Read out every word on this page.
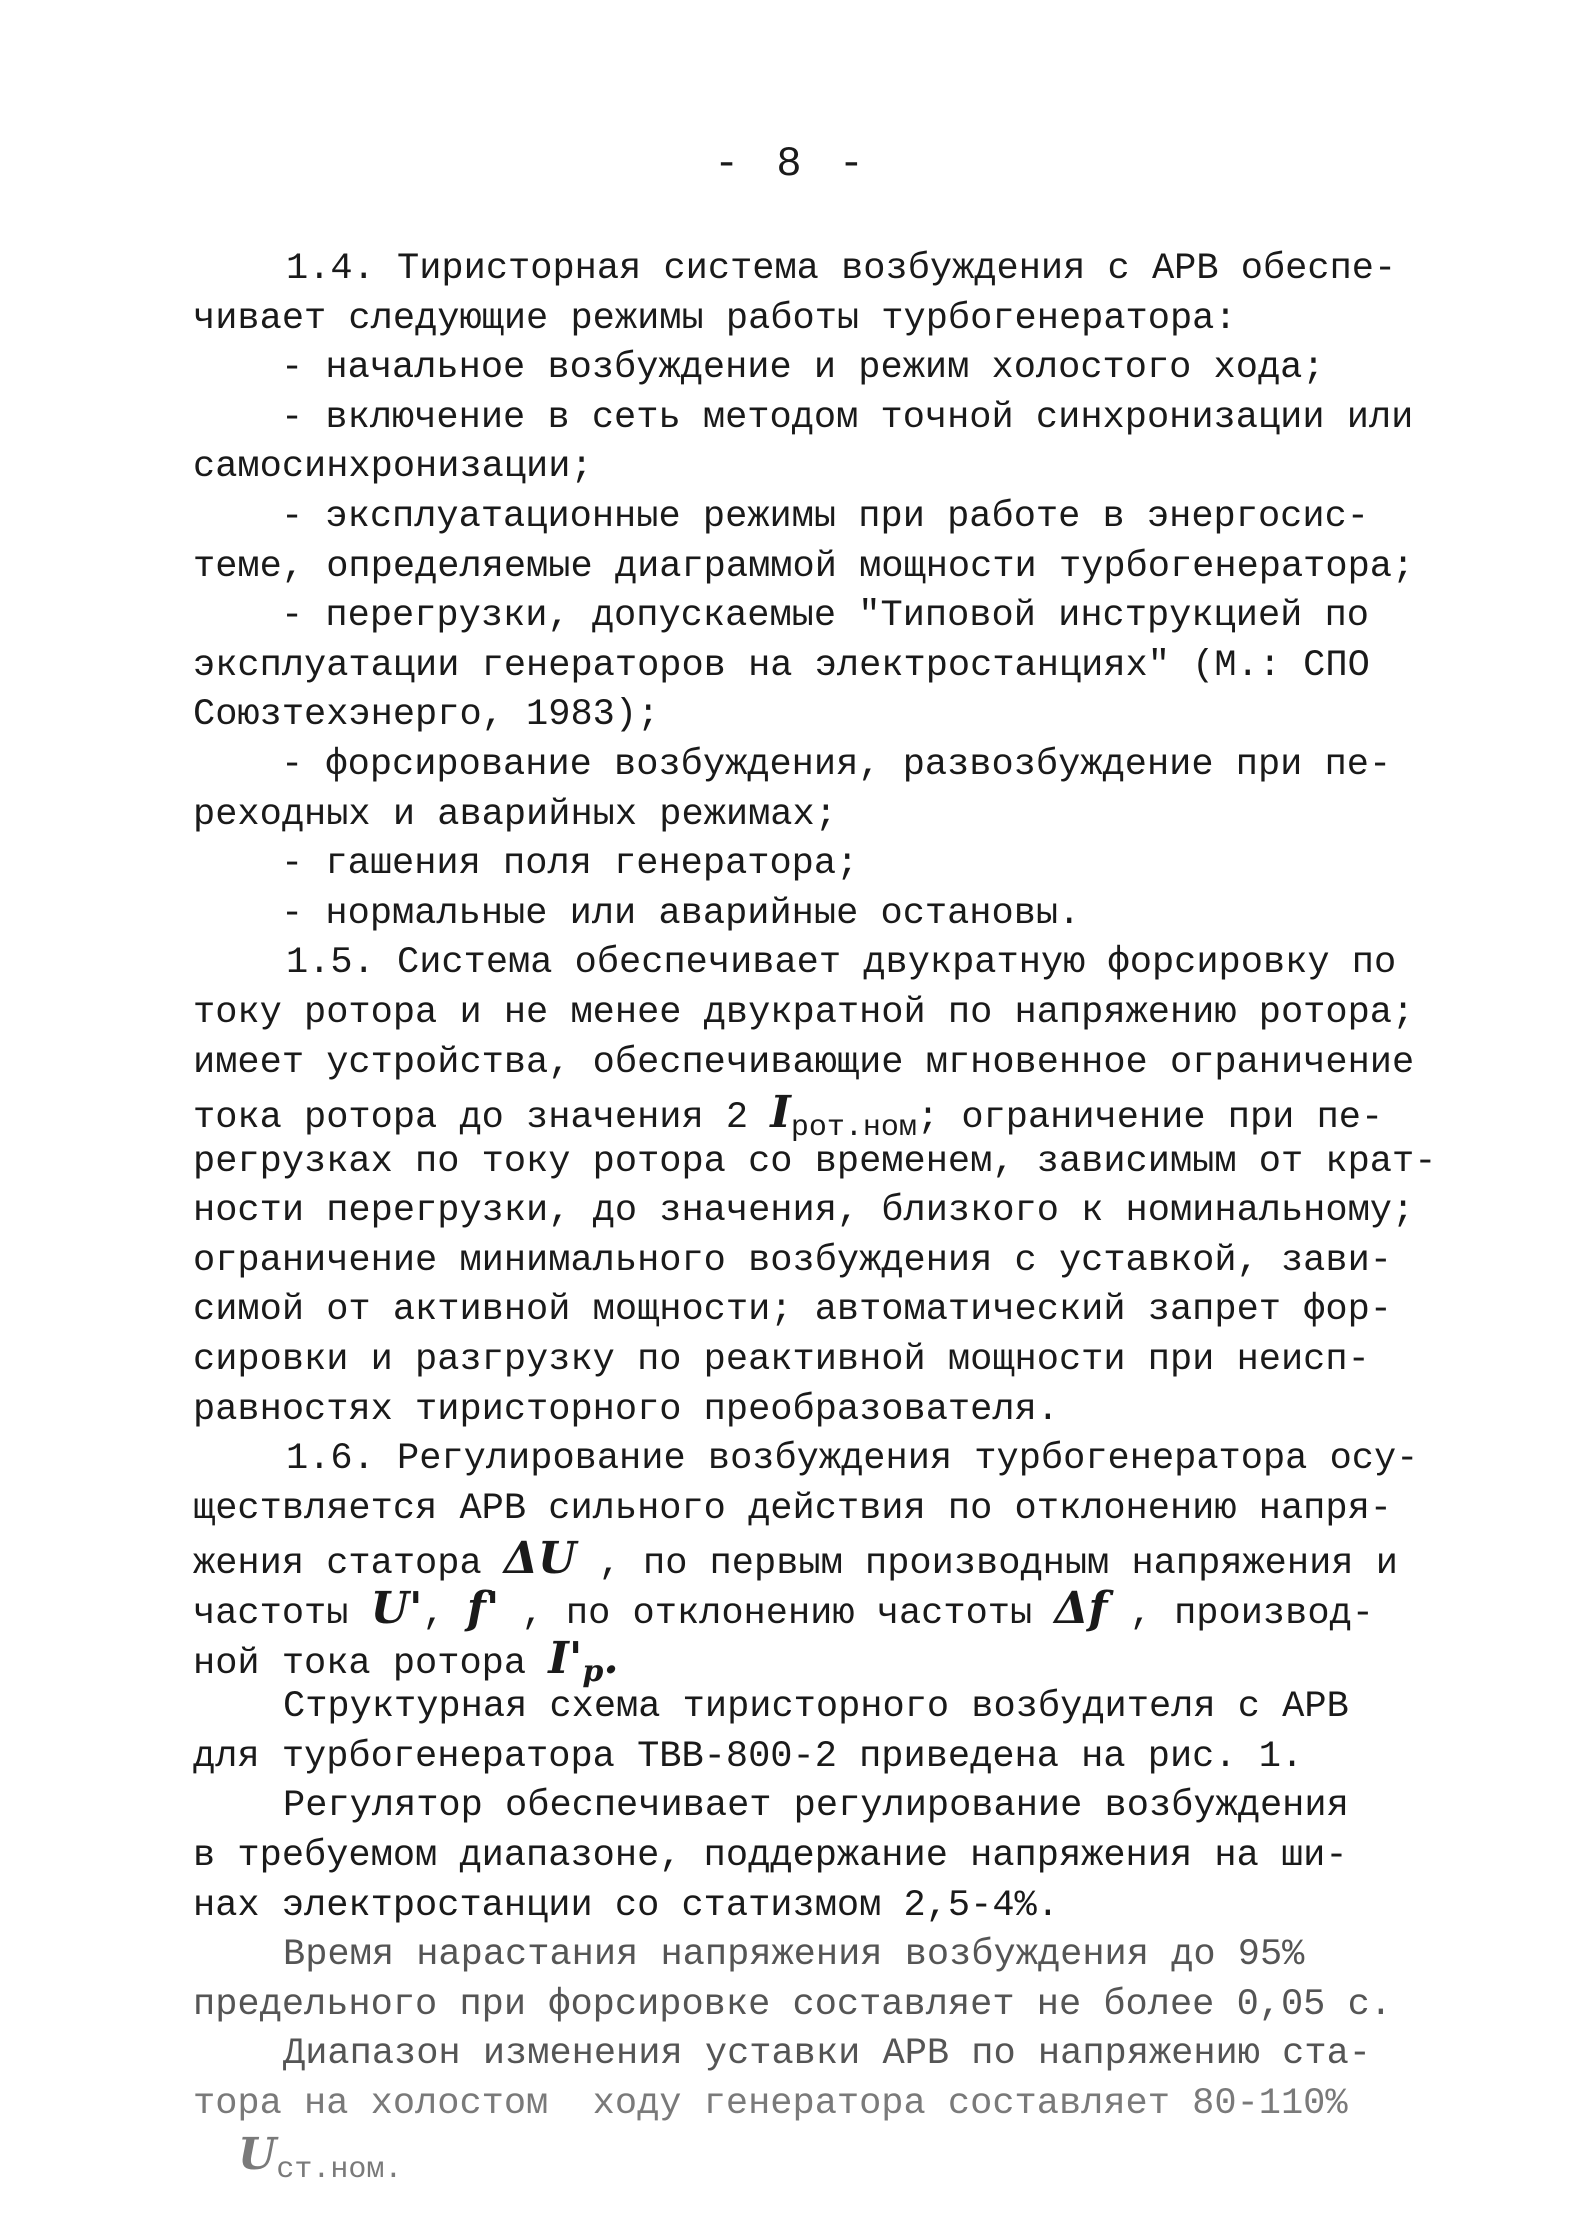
- 8 -
1.4. Тиристорная система возбуждения с АРВ обеспе-
чивает следующие режимы работы турбогенератора:
- начальное возбуждение и режим холостого хода;
- включение в сеть методом точной синхронизации или
самосинхронизации;
- эксплуатационные режимы при работе в энергосис-
теме, определяемые диаграммой мощности турбогенератора;
- перегрузки, допускаемые "Типовой инструкцией по
эксплуатации генераторов на электростанциях" (М.: СПО
Союзтехэнерго, 1983);
- форсирование возбуждения, развозбуждение при пе-
реходных и аварийных режимах;
- гашения поля генератора;
- нормальные или аварийные остановы.
1.5. Система обеспечивает двукратную форсировку по
току ротора и не менее двукратной по напряжению ротора;
имеет устройства, обеспечивающие мгновенное ограничение
тока ротора до значения 2 $I_{рот.ном}$; ограничение при пе-
регрузках по току ротора со временем, зависимым от крат-
ности перегрузки, до значения, близкого к номинальному;
ограничение минимального возбуждения с уставкой, зави-
симой от активной мощности; автоматический запрет фор-
сировки и разгрузку по реактивной мощности при неисп-
равностях тиристорного преобразователя.
1.6. Регулирование возбуждения турбогенератора осу-
ществляется АРВ сильного действия по отклонению напря-
жения статора ΔU , по первым производным напряжения и
частоты U', f' , по отклонению частоты Δf , производ-
ной тока ротора $I'_р$.
Структурная схема тиристорного возбудителя с АРВ
для турбогенератора ТВВ-800-2 приведена на рис. 1.
Регулятор обеспечивает регулирование возбуждения
в требуемом диапазоне, поддержание напряжения на ши-
нах электростанции со статизмом 2,5-4%.
Время нарастания напряжения возбуждения до 95%
предельного при форсировке составляет не более 0,05 с.
Диапазон изменения уставки АРВ по напряжению ста-
тора на холостом  ходу генератора составляет 80-110%
$U_{ст.ном.}$
